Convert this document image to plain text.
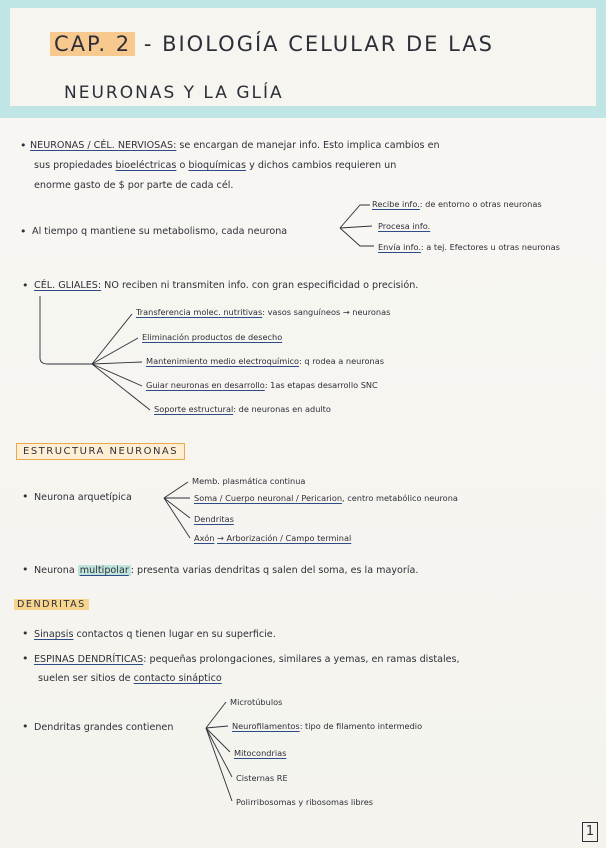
CAP. 2 - BIOLOGÍA CELULAR DE LAS
NEURONAS Y LA GLÍA
• NEURONAS / CÉL. NERVIOSAS: se encargan de manejar info. Esto implica cambios en
sus propiedades bioeléctricas o bioquímicas y dichos cambios requieren un
enorme gasto de $ por parte de cada cél.
• Al tiempo q mantiene su metabolismo, cada neurona
Recibe info.: de entorno o otras neuronas
Procesa info.
Envía info.: a tej. Efectores u otras neuronas
• CÉL. GLIALES: NO reciben ni transmiten info. con gran especificidad o precisión.
Transferencia molec. nutritivas: vasos sanguíneos → neuronas
Eliminación productos de desecho
Mantenimiento medio electroquímico: q rodea a neuronas
Guiar neuronas en desarrollo: 1as etapas desarrollo SNC
Soporte estructural: de neuronas en adulto
ESTRUCTURA NEURONAS
• Neurona arquetípica
Memb. plasmática continua
Soma / Cuerpo neuronal / Pericarion, centro metabólico neurona
Dendritas
Axón → Arborización / Campo terminal
• Neurona multipolar : presenta varias dendritas q salen del soma, es la mayoría.
DENDRITAS
• Sinapsis contactos q tienen lugar en su superficie.
• ESPINAS DENDRÍTICAS: pequeñas prolongaciones, similares a yemas, en ramas distales,
suelen ser sitios de contacto sináptico
• Dendritas grandes contienen
Microtúbulos
Neurofilamentos: tipo de filamento intermedio
Mitocondrias
Cisternas RE
Polirribosomas y ribosomas libres
1
